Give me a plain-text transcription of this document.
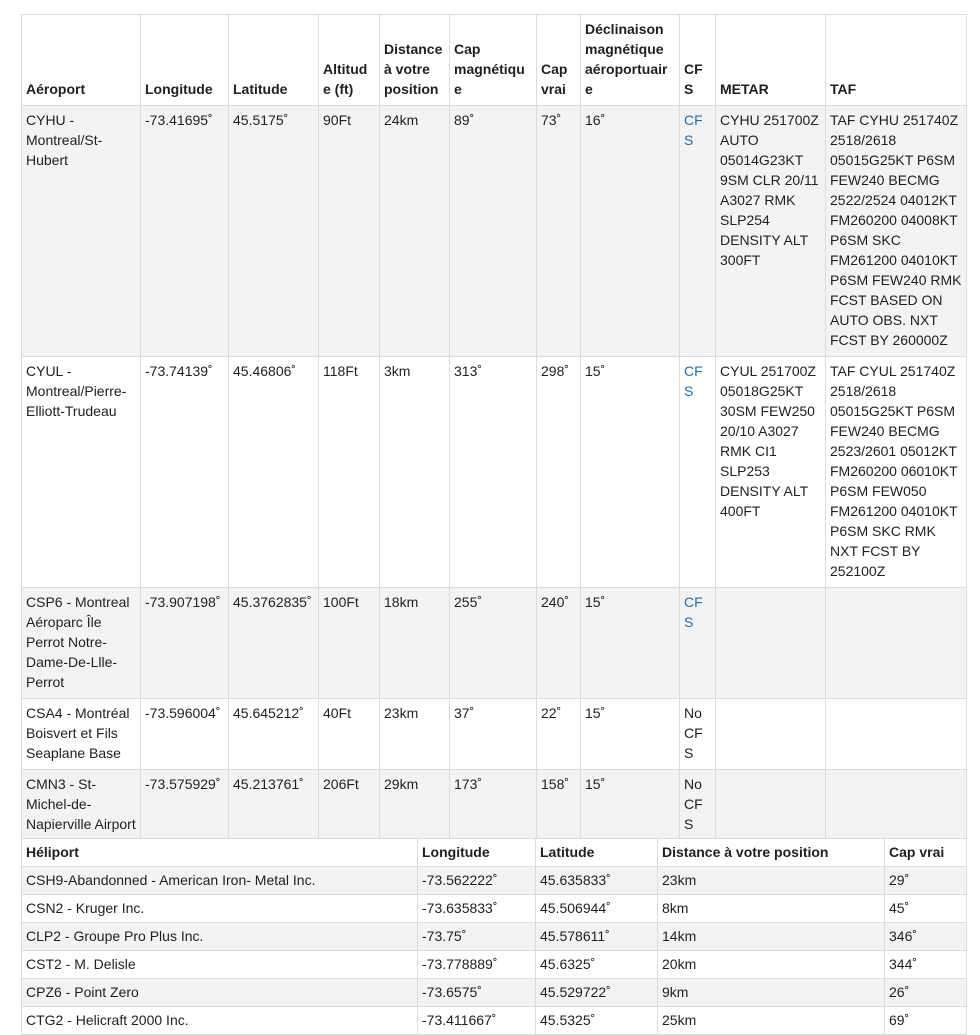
Aéroport	Longitude	Latitude	Altitude (ft)	Distance à votre position	Cap magnétique	Cap vrai	Déclinaison magnétique aéroportuaire	CFS	METAR	TAF
CYHU - Montreal/St-Hubert	-73.41695˚	45.5175˚	90Ft	24km	89˚	73˚	16˚	CFS	CYHU 251700Z AUTO 05014G23KT 9SM CLR 20/11 A3027 RMK SLP254 DENSITY ALT 300FT	TAF CYHU 251740Z 2518/2618 05015G25KT P6SM FEW240 BECMG 2522/2524 04012KT FM260200 04008KT P6SM SKC FM261200 04010KT P6SM FEW240 RMK FCST BASED ON AUTO OBS. NXT FCST BY 260000Z
CYUL - Montreal/Pierre-Elliott-Trudeau	-73.74139˚	45.46806˚	118Ft	3km	313˚	298˚	15˚	CFS	CYUL 251700Z 05018G25KT 30SM FEW250 20/10 A3027 RMK CI1 SLP253 DENSITY ALT 400FT	TAF CYUL 251740Z 2518/2618 05015G25KT P6SM FEW240 BECMG 2523/2601 05012KT FM260200 06010KT P6SM FEW050 FM261200 04010KT P6SM SKC RMK NXT FCST BY 252100Z
CSP6 - Montreal Aéroparc Île Perrot Notre-Dame-De-Llle-Perrot	-73.907198˚	45.3762835˚	100Ft	18km	255˚	240˚	15˚	CFS		
CSA4 - Montréal Boisvert et Fils Seaplane Base	-73.596004˚	45.645212˚	40Ft	23km	37˚	22˚	15˚	No CFS		
CMN3 - St-Michel-de-Napierville Airport	-73.575929˚	45.213761˚	206Ft	29km	173˚	158˚	15˚	No CFS		
Héliport	Longitude	Latitude	Distance à votre position	Cap vrai
CSH9-Abandonned - American Iron- Metal Inc.	-73.562222˚	45.635833˚	23km	29˚
CSN2 - Kruger Inc.	-73.635833˚	45.506944˚	8km	45˚
CLP2 - Groupe Pro Plus Inc.	-73.75˚	45.578611˚	14km	346˚
CST2 - M. Delisle	-73.778889˚	45.6325˚	20km	344˚
CPZ6 - Point Zero	-73.6575˚	45.529722˚	9km	26˚
CTG2 - Helicraft 2000 Inc.	-73.411667˚	45.5325˚	25km	69˚
